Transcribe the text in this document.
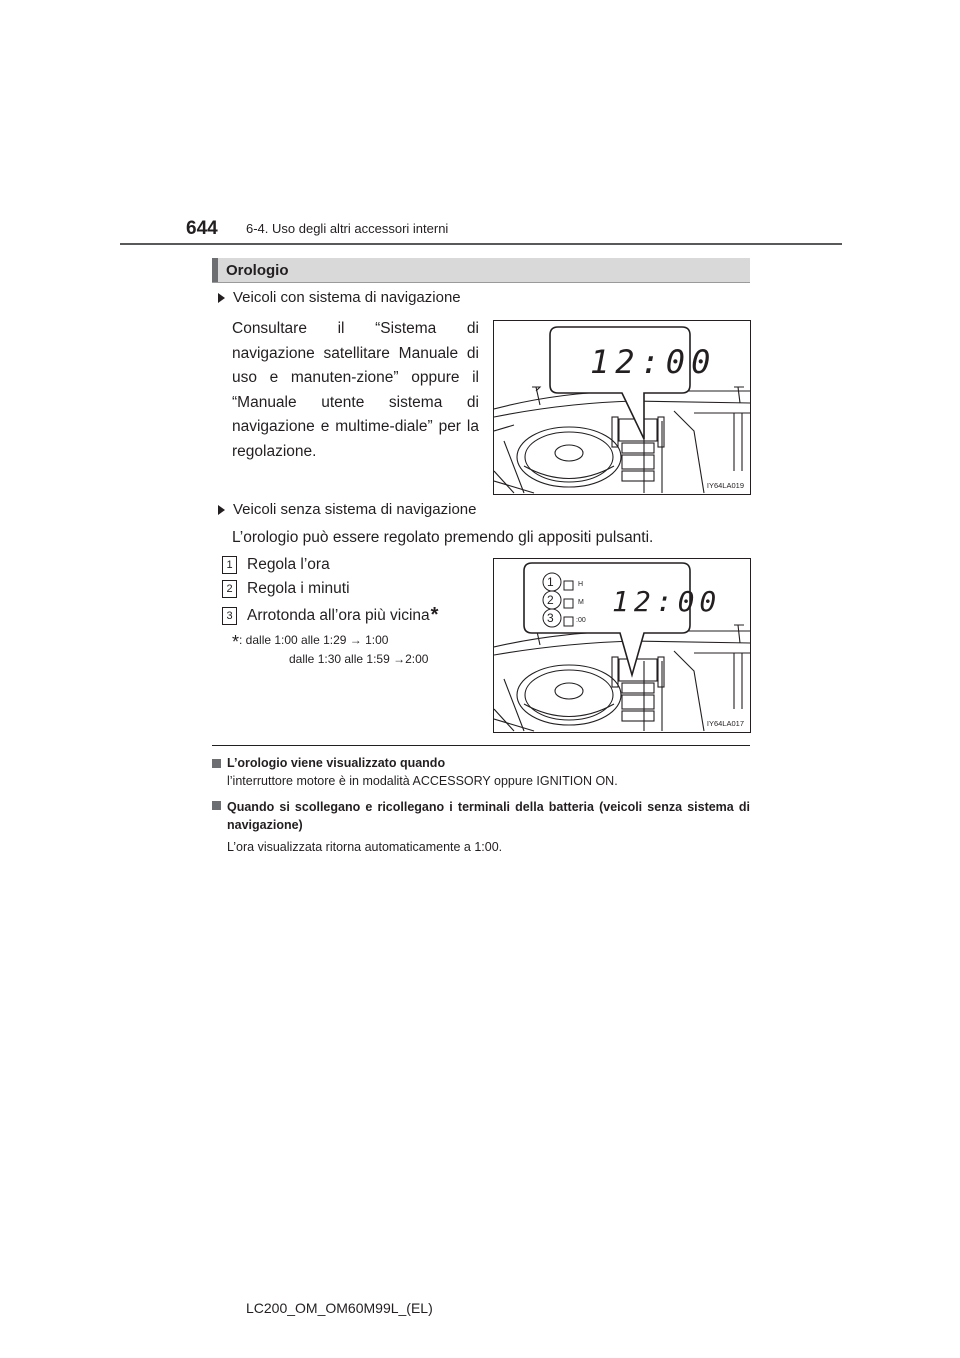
644 6-4. Uso degli altri accessori interni
Orologio
Veicoli con sistema di navigazione
Consultare il “Sistema di navigazione satellitare Manuale di uso e manuten-zione” oppure il “Manuale utente sistema di navigazione e multime-diale” per la regolazione.
12:00
IY64LA019
Veicoli senza sistema di navigazione
L’orologio può essere regolato premendo gli appositi pulsanti.
1 Regola l’ora
2 Regola i minuti
3 Arrotonda all’ora più vicina *
*: dalle 1:00 alle 1:29 → 1:00
dalle 1:30 alle 1:59 →2:00
1
2
3
H
M
:00
12:00
IY64LA017
L’orologio viene visualizzato quando
l’interruttore motore è in modalità ACCESSORY oppure IGNITION ON.
Quando si scollegano e ricollegano i terminali della batteria (veicoli senza sistema di navigazione)
L’ora visualizzata ritorna automaticamente a 1:00.
LC200_OM_OM60M99L_(EL)
